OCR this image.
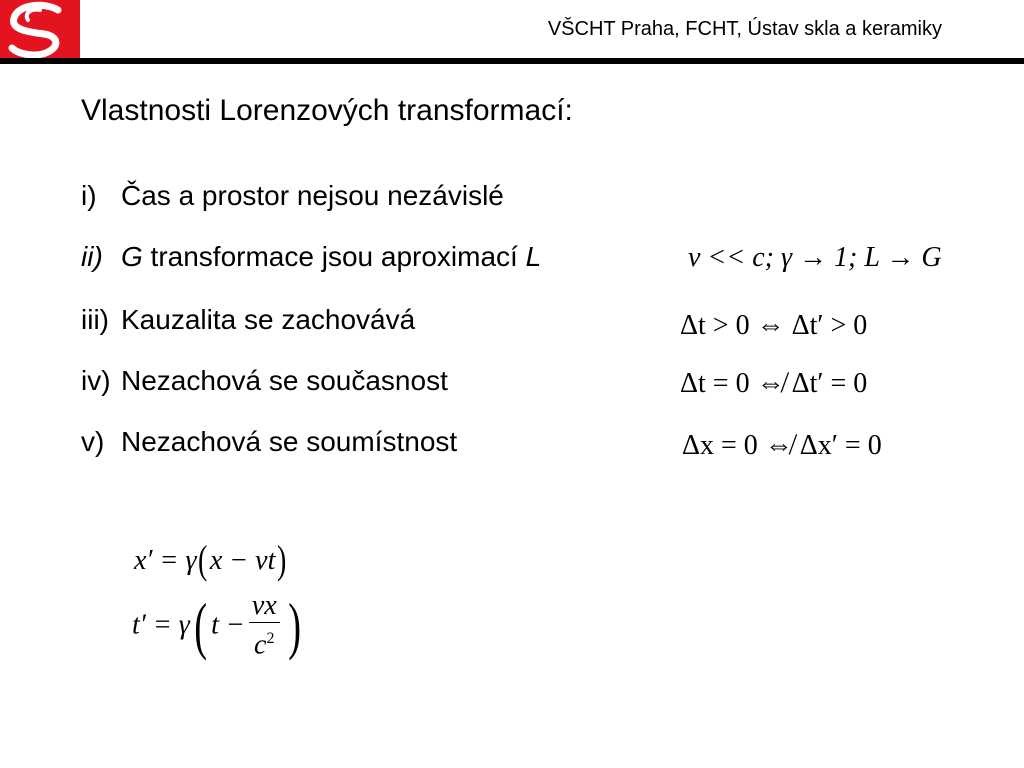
VŠCHT Praha, FCHT, Ústav skla a keramiky
Vlastnosti Lorenzových transformací:
i) Čas a prostor nejsou nezávislé
ii) G transformace jsou aproximací L
iii) Kauzalita se zachovává
iv) Nezachová se současnost
v) Nezachová se soumístnost
v << c; γ → 1; L → G
Δt > 0 ⇔ Δt′ > 0
Δt = 0 ⇎ Δt′ = 0
Δx = 0 ⇎ Δx′ = 0
x′ = γ(x − vt)
t′ = γ( $t - \frac{vx}{c^2}$ )
